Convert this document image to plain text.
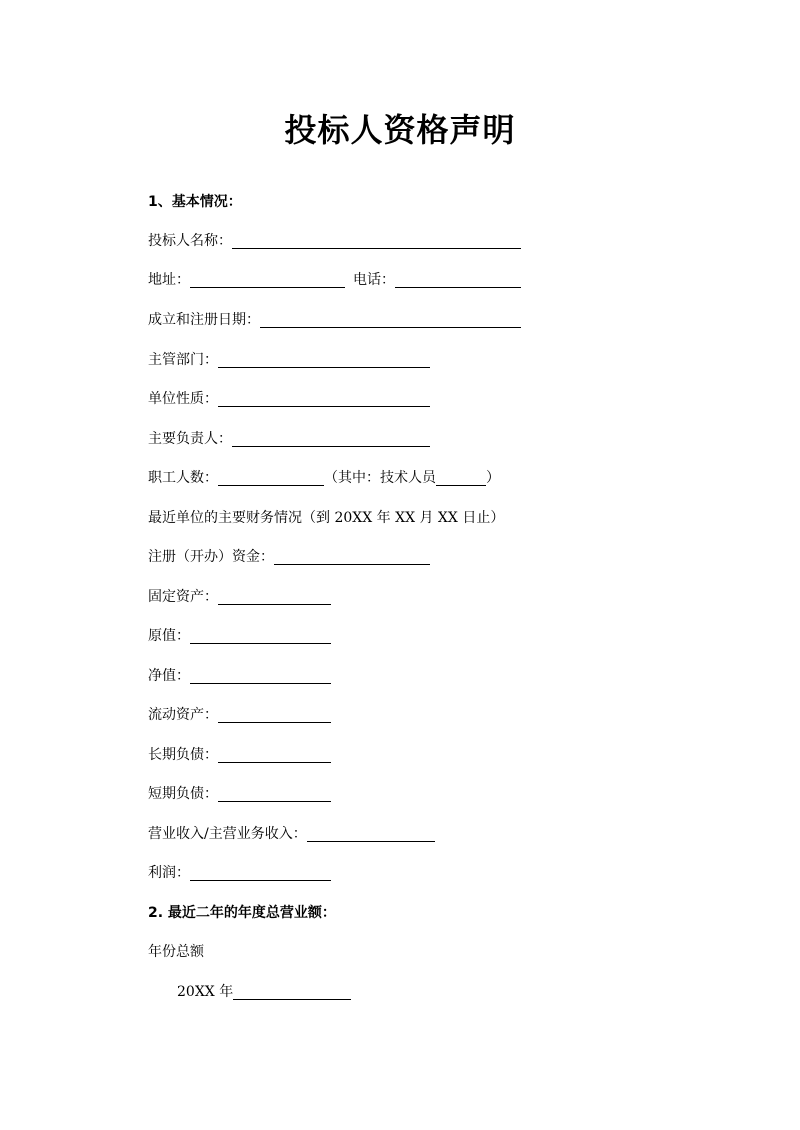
投标人资格声明
1、基本情况：
投标人名称：
地址：	电话：
成立和注册日期：
主管部门：
单位性质：
主要负责人：
职工人数：	（其中：技术人员	）
最近单位的主要财务情况（到 20XX 年 XX 月 XX 日止）
注册（开办）资金：
固定资产：
原值：
净值：
流动资产：
长期负债：
短期负债：
营业收入/主营业务收入：
利润：
2. 最近二年的年度总营业额：
年份总额
20XX 年
